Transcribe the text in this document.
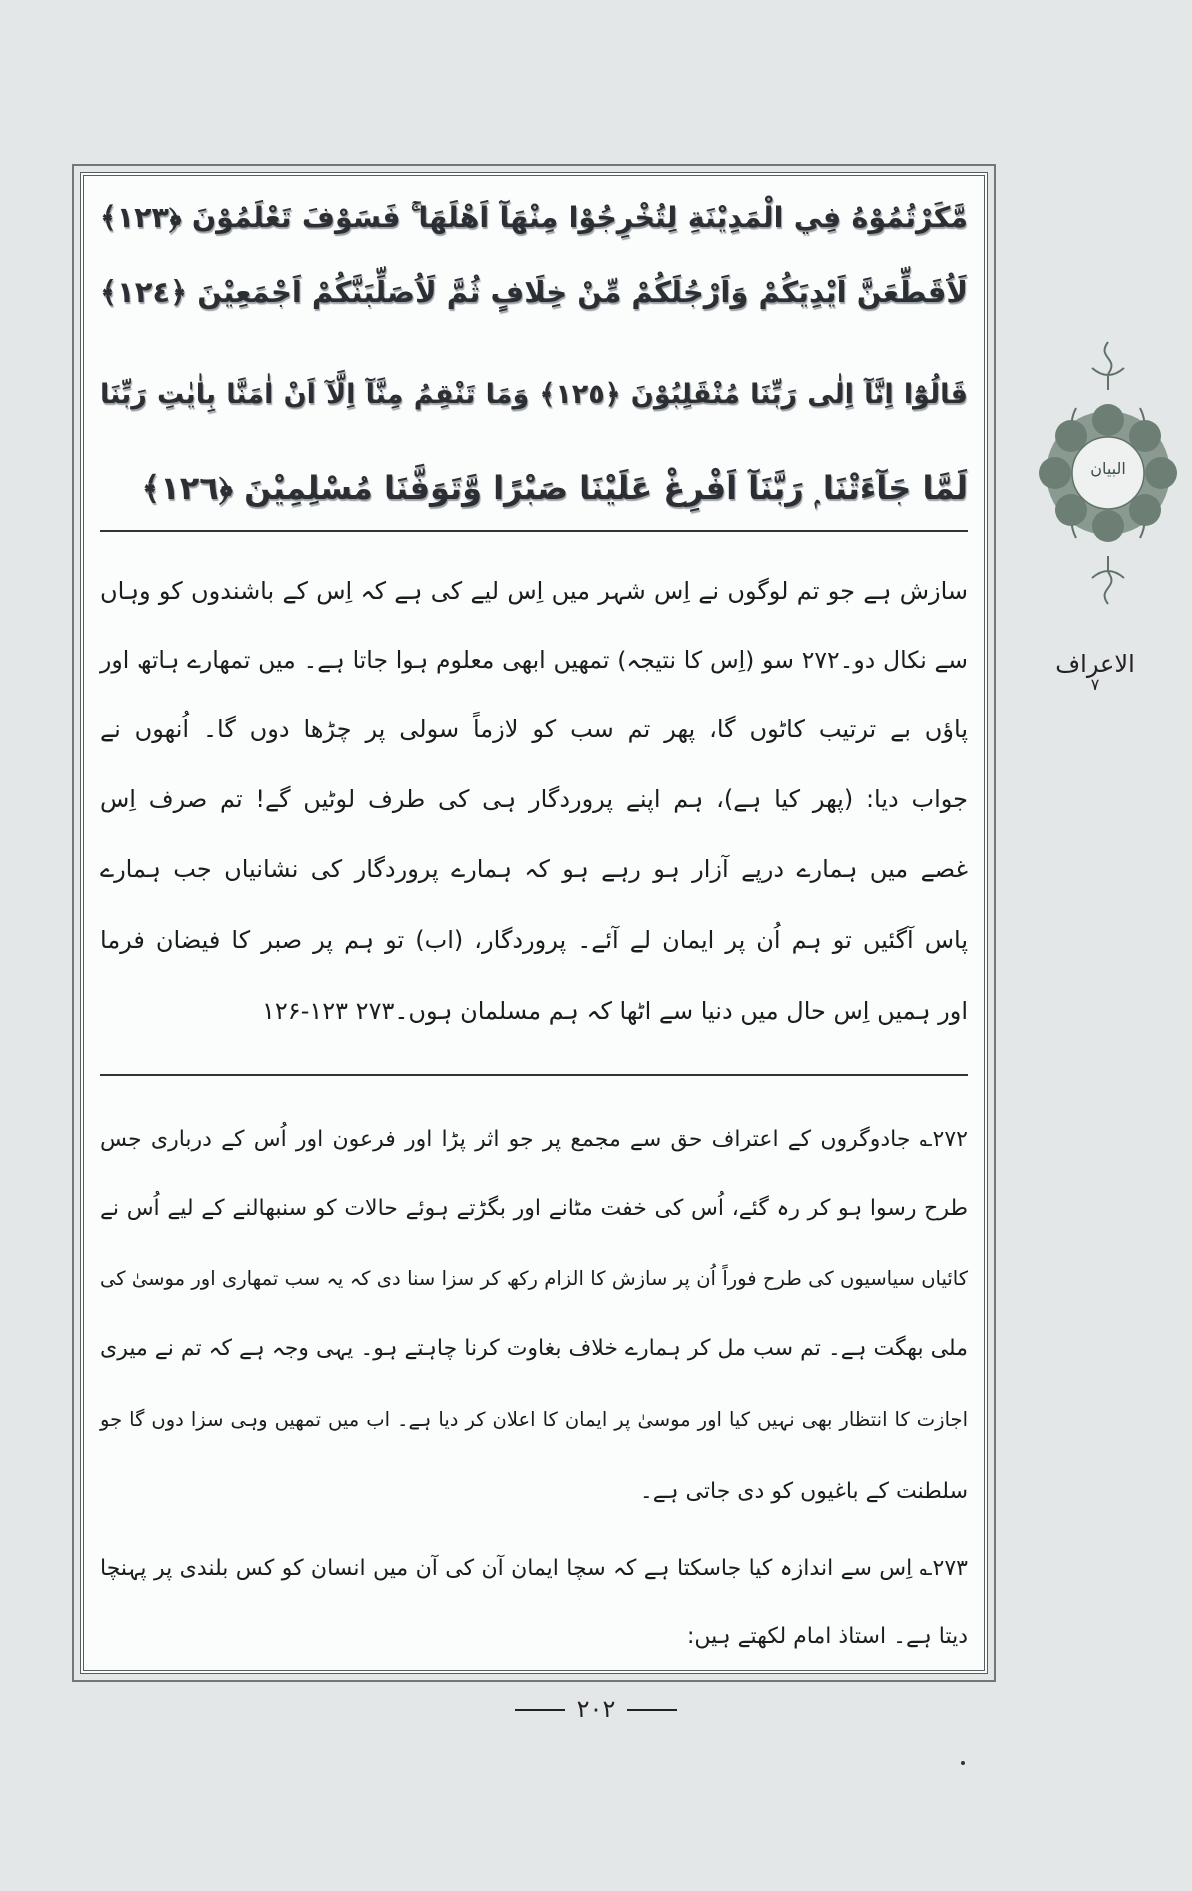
مَّكَرْتُمُوْهُ فِي الْمَدِيْنَةِ لِتُخْرِجُوْا مِنْهَآ اَهْلَهَا ۚ فَسَوْفَ تَعْلَمُوْنَ ﴿١٢٣﴾
لَاُقَطِّعَنَّ اَيْدِيَكُمْ وَاَرْجُلَكُمْ مِّنْ خِلَافٍ ثُمَّ لَاُصَلِّبَنَّكُمْ اَجْمَعِيْنَ ﴿١٢٤﴾
قَالُوْٓا اِنَّآ اِلٰى رَبِّنَا مُنْقَلِبُوْنَ ﴿١٢٥﴾ وَمَا تَنْقِمُ مِنَّآ اِلَّآ اَنْ اٰمَنَّا بِاٰيٰتِ رَبِّنَا
لَمَّا جَآءَتْنَا ۭ رَبَّنَآ اَفْرِغْ عَلَيْنَا صَبْرًا وَّتَوَفَّنَا مُسْلِمِيْنَ ﴿١٢٦﴾
سازش ہے جو تم لوگوں نے اِس شہر میں اِس لیے کی ہے کہ اِس کے باشندوں کو وہاں
سے نکال دو۔۲۷۲ سو (اِس کا نتیجہ) تمھیں ابھی معلوم ہوا جاتا ہے۔ میں تمھارے ہاتھ اور
پاؤں بے ترتیب کاٹوں گا، پھر تم سب کو لازماً سولی پر چڑھا دوں گا۔ اُنھوں نے
جواب دیا: (پھر کیا ہے)، ہم اپنے پروردگار ہی کی طرف لوٹیں گے! تم صرف اِس
غصے میں ہمارے درپے آزار ہو رہے ہو کہ ہمارے پروردگار کی نشانیاں جب ہمارے
پاس آگئیں تو ہم اُن پر ایمان لے آئے۔ پروردگار، (اب) تو ہم پر صبر کا فیضان فرما
اور ہمیں اِس حال میں دنیا سے اٹھا کہ ہم مسلمان ہوں۔۲۷۳ ۱۲۳-۱۲۶
۲۷۲؎ جادوگروں کے اعتراف حق سے مجمع پر جو اثر پڑا اور فرعون اور اُس کے درباری جس
طرح رسوا ہو کر رہ گئے، اُس کی خفت مٹانے اور بگڑتے ہوئے حالات کو سنبھالنے کے لیے اُس نے
کائیاں سیاسیوں کی طرح فوراً اُن پر سازش کا الزام رکھ کر سزا سنا دی کہ یہ سب تمھاری اور موسیٰ کی
ملی بھگت ہے۔ تم سب مل کر ہمارے خلاف بغاوت کرنا چاہتے ہو۔ یہی وجہ ہے کہ تم نے میری
اجازت کا انتظار بھی نہیں کیا اور موسیٰ پر ایمان کا اعلان کر دیا ہے۔ اب میں تمھیں وہی سزا دوں گا جو
سلطنت کے باغیوں کو دی جاتی ہے۔
۲۷۳؎ اِس سے اندازہ کیا جاسکتا ہے کہ سچا ایمان آن کی آن میں انسان کو کس بلندی پر پہنچا
دیتا ہے۔ استاذ امام لکھتے ہیں:
البیان
الاعراف
۷
۲۰۲
